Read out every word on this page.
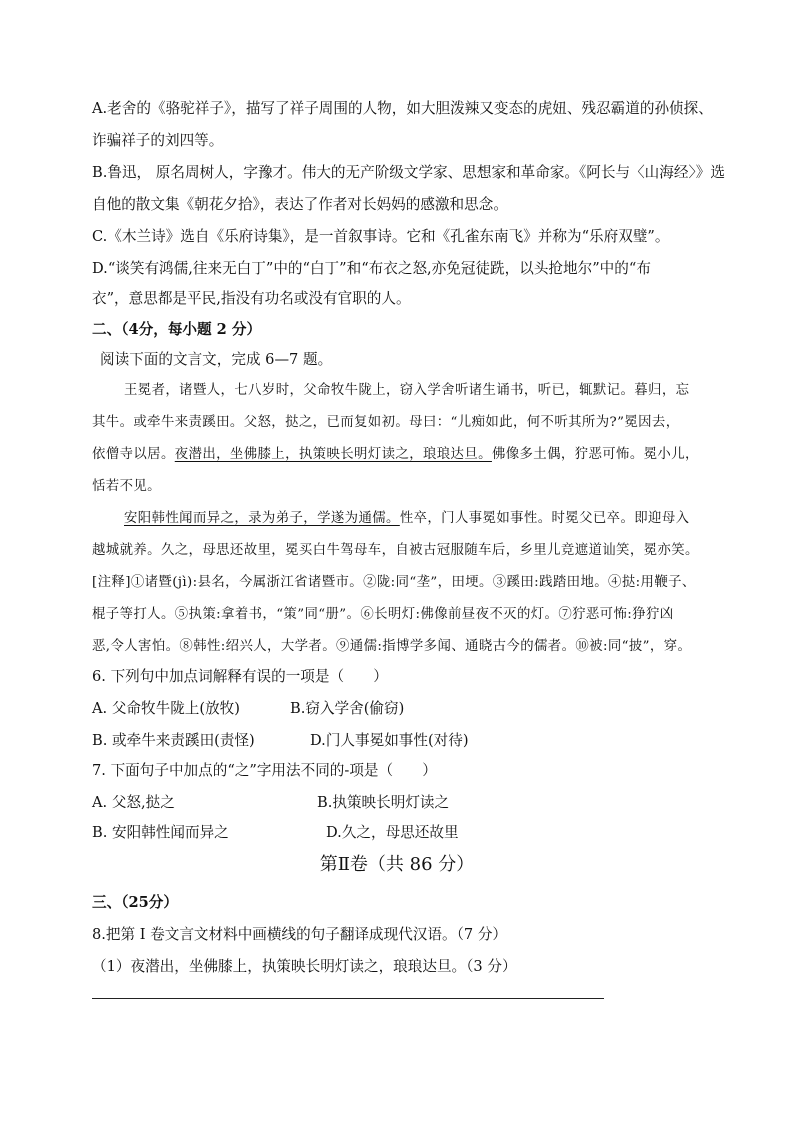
A.老舍的《骆驼祥子》，描写了祥子周围的人物，如大胆泼辣又变态的虎妞、残忍霸道的孙侦探、
诈骗祥子的刘四等。
B.鲁迅， 原名周树人，字豫才。伟大的无产阶级文学家、思想家和革命家。《阿长与〈山海经〉》选
自他的散文集《朝花夕拾》，表达了作者对长妈妈的感激和思念。
C.《木兰诗》选自《乐府诗集》，是一首叙事诗。它和《孔雀东南飞》并称为“乐府双璧”。
D.“谈笑有鸿儒,往来无白丁”中的“白丁”和“布衣之怒,亦免冠徒跣，以头抢地尔”中的“布
衣”，意思都是平民,指没有功名或没有官职的人。
二、（4分，每小题 2 分）
阅读下面的文言文，完成 6—7 题。
王冕者，诸暨人，七八岁时，父命牧牛陇上，窃入学舍听诸生诵书，听已，辄默记。暮归，忘
其牛。或牵牛来责蹊田。父怒，挞之，已而复如初。母曰：“儿痴如此，何不听其所为?”冕因去，
依僧寺以居。夜潜出，坐佛膝上，执策映长明灯读之，琅琅达旦。佛像多土偶，狞恶可怖。冕小儿，
恬若不见。
安阳韩性闻而异之，录为弟子，学遂为通儒。性卒，门人事冕如事性。时冕父已卒。即迎母入
越城就养。久之，母思还故里，冕买白牛驾母车，自被古冠服随车后，乡里儿竞遮道讪笑，冕亦笑。
[注释]①诸暨(jì):县名，今属浙江省诸暨市。②陇:同“垄”，田埂。③蹊田:践踏田地。④挞:用鞭子、
棍子等打人。⑤执策:拿着书，“策”同“册”。⑥长明灯:佛像前昼夜不灭的灯。⑦狞恶可怖:狰狞凶
恶,令人害怕。⑧韩性:绍兴人，大学者。⑨通儒:指博学多闻、通晓古今的儒者。⑩被:同“披”，穿。
6. 下列句中加点词解释有误的一项是（　　）
A. 父命牧牛陇上(放牧)	B.窃入学舍(偷窃)
B. 或牵牛来责蹊田(责怪)	D.门人事冕如事性(对待)
7. 下面句子中加点的“之”字用法不同的-项是（　　）
A. 父怒,挞之	B.执策映长明灯读之
B. 安阳韩性闻而异之	D.久之，母思还故里
第Ⅱ卷（共 86 分）
三、（25分）
8.把第 I 卷文言文材料中画横线的句子翻译成现代汉语。（7 分）
（1）夜潜出，坐佛膝上，执策映长明灯读之，琅琅达旦。（3 分）
